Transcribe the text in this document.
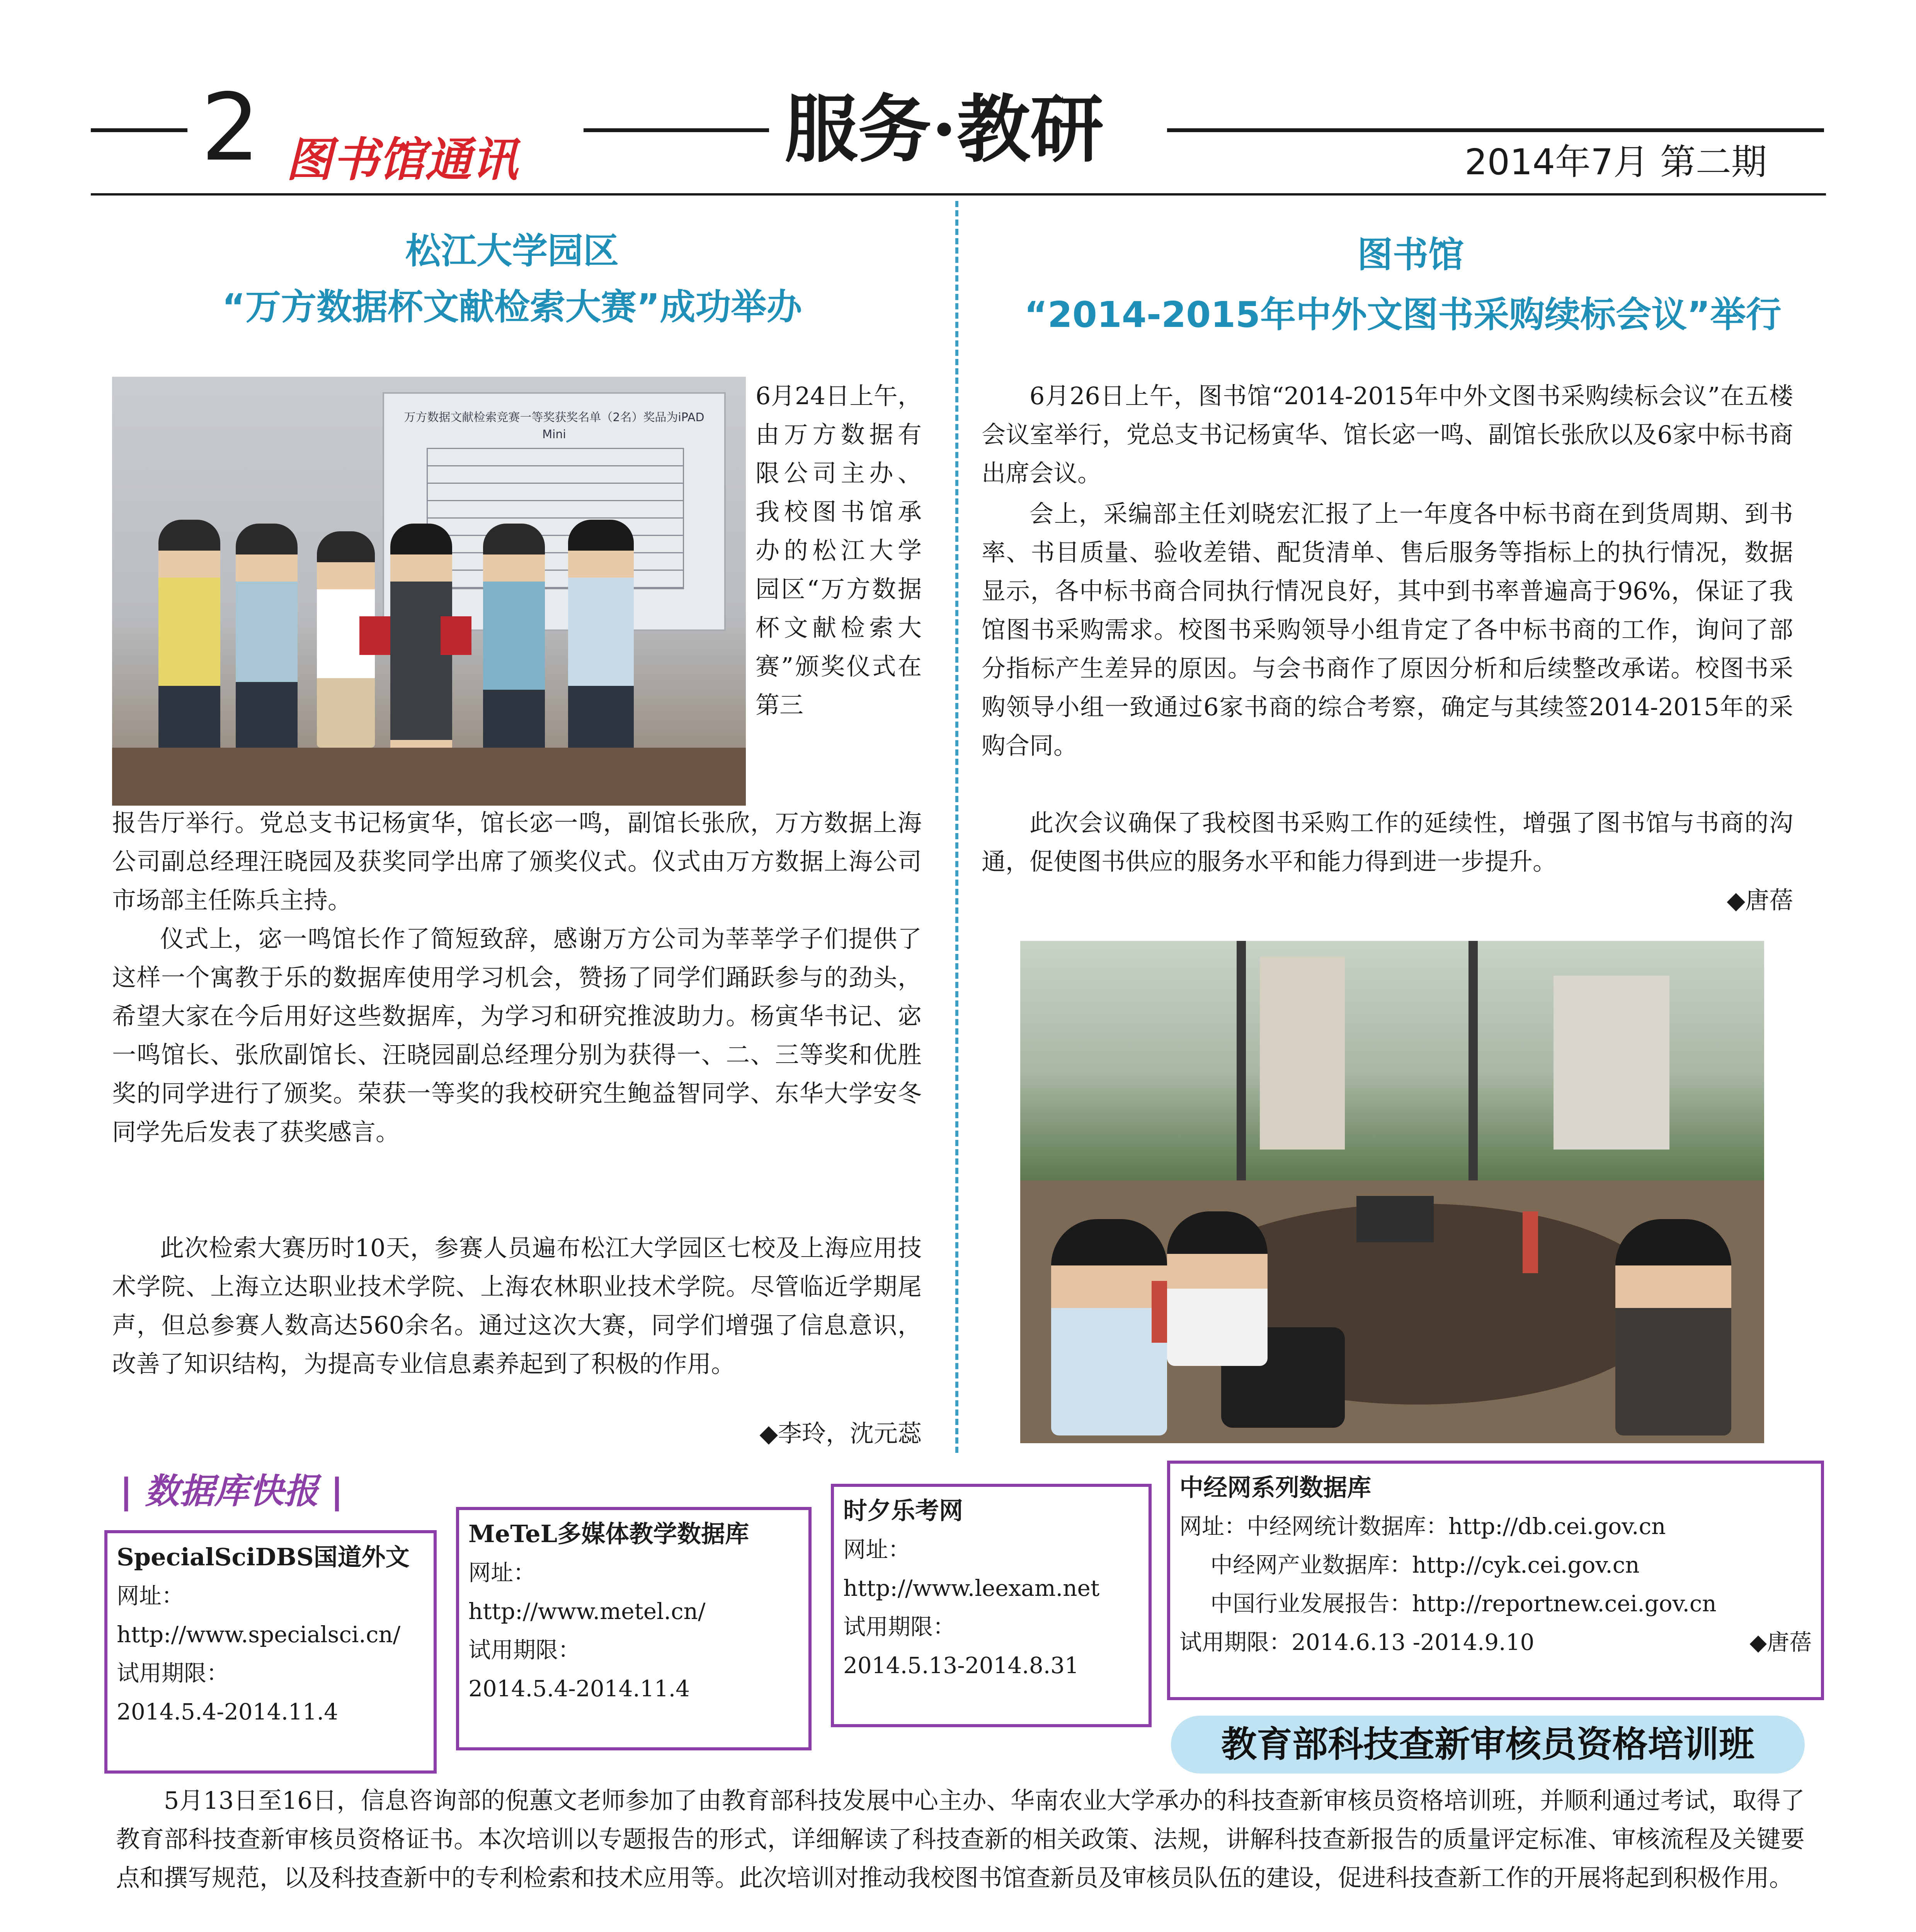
2 图书馆通讯	服务·教研	2014年7月 第二期
松江大学园区
“万方数据杯文献检索大赛”成功举办
万方数据文献检索竞赛一等奖获奖名单（2名）奖品为iPAD Mini
6月24日上午，由万方数据有限公司主办、我校图书馆承办的松江大学园区“万方数据杯文献检索大赛”颁奖仪式在第三
报告厅举行。党总支书记杨寅华，馆长宓一鸣，副馆长张欣，万方数据上海公司副总经理汪晓园及获奖同学出席了颁奖仪式。仪式由万方数据上海公司市场部主任陈兵主持。
仪式上，宓一鸣馆长作了简短致辞，感谢万方公司为莘莘学子们提供了这样一个寓教于乐的数据库使用学习机会，赞扬了同学们踊跃参与的劲头，希望大家在今后用好这些数据库，为学习和研究推波助力。杨寅华书记、宓一鸣馆长、张欣副馆长、汪晓园副总经理分别为获得一、二、三等奖和优胜奖的同学进行了颁奖。荣获一等奖的我校研究生鲍益智同学、东华大学安冬同学先后发表了获奖感言。
此次检索大赛历时10天，参赛人员遍布松江大学园区七校及上海应用技术学院、上海立达职业技术学院、上海农林职业技术学院。尽管临近学期尾声，但总参赛人数高达560余名。通过这次大赛，同学们增强了信息意识，改善了知识结构，为提高专业信息素养起到了积极的作用。
◆李玲，沈元蕊
图书馆
“2014-2015年中外文图书采购续标会议”举行
6月26日上午，图书馆“2014-2015年中外文图书采购续标会议”在五楼会议室举行，党总支书记杨寅华、馆长宓一鸣、副馆长张欣以及6家中标书商出席会议。
会上，采编部主任刘晓宏汇报了上一年度各中标书商在到货周期、到书率、书目质量、验收差错、配货清单、售后服务等指标上的执行情况，数据显示，各中标书商合同执行情况良好，其中到书率普遍高于96%，保证了我馆图书采购需求。校图书采购领导小组肯定了各中标书商的工作，询问了部分指标产生差异的原因。与会书商作了原因分析和后续整改承诺。校图书采购领导小组一致通过6家书商的综合考察，确定与其续签2014-2015年的采购合同。
此次会议确保了我校图书采购工作的延续性，增强了图书馆与书商的沟通，促使图书供应的服务水平和能力得到进一步提升。
◆唐蓓
| 数据库快报 |
SpecialSciDBS国道外文
网址：
http://www.specialsci.cn/
试用期限：
2014.5.4-2014.11.4
MeTeL多媒体教学数据库
网址：
http://www.metel.cn/
试用期限：
2014.5.4-2014.11.4
时夕乐考网
网址：
http://www.leexam.net
试用期限：
2014.5.13-2014.8.31
中经网系列数据库
网址：中经网统计数据库：http://db.cei.gov.cn
中经网产业数据库：http://cyk.cei.gov.cn
中国行业发展报告：http://reportnew.cei.gov.cn
试用期限：2014.6.13 -2014.9.10	◆唐蓓
教育部科技查新审核员资格培训班
5月13日至16日，信息咨询部的倪蕙文老师参加了由教育部科技发展中心主办、华南农业大学承办的科技查新审核员资格培训班，并顺利通过考试，取得了教育部科技查新审核员资格证书。本次培训以专题报告的形式，详细解读了科技查新的相关政策、法规，讲解科技查新报告的质量评定标准、审核流程及关键要点和撰写规范，以及科技查新中的专利检索和技术应用等。此次培训对推动我校图书馆查新员及审核员队伍的建设，促进科技查新工作的开展将起到积极作用。
